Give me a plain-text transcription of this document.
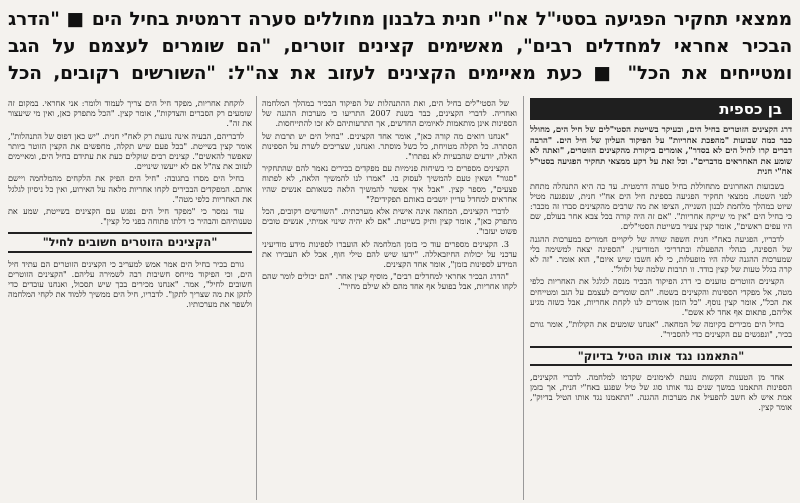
ממצאי תחקיר הפגיעה בסטי"ל אח"י חנית בלבנון מחוללים סערה דרמטית בחיל הים ■ "הדרג הבכיר אחראי למחדלים רבים", מאשימים קצינים זוטרים, "הם שומרים לעצמם על הגב ומטייחים את הכל" ■ כעת מאיימים הקצינים לעזוב את צה"ל: "השורשים רקובים, הכל
בן כספית
דרג הקצינים הזוטרים בחיל הים, ובעיקר בשייטת הסטי"לים של חיל הים, מחולל כבר כמה שבועות "מהפכת אחריות" על הפיקוד העליון של חיל הים. "הרבה דברים קרו לחיל הים לא בסדר", אומרים ביקורת מהקצינים הזוטרים, "ואתה לא שומע את האחראים מדברים". וכל זאת על רקע ממצאי תחקיר הפגיעה בסטי"ל אח"י חנית

בשבועות האחרונים מתחוללת בחיל סערה דרמטית. עד כה היא התנהלה מתחת לפני השטח. ממצאי תחקיר הפגיעה בספינת חיל הים אח"י חנית, שנפגעה מטיל שיוט במהלך מלחמת לבנון השנייה, הציפו את מה שרבים מהקצינים סברו זה מכבר: כי בחיל הים "אין מי שייקח אחריות". "אם זה היה קורה בכל צבא אחר בעולם, שם היו עפים ראשים", אומר קצין צעיר בשייטת הסטי"לים.

לדבריו, הפגיעה באח"י חנית חשפה שורה של ליקויים חמורים במערכות ההגנה של הספינה, בנהלי ההפעלה ובתדריכי המודיעין. "הספינה יצאה למשימה בלי שמערכות ההגנה שלה היו מופעלות, כי לא חשבו שיש איום", הוא אומר. "זה לא קרה בגלל טעות של קצין בודד. זו תרבות שלמה של זלזול".

הקצינים הזוטרים טוענים כי דרג הפיקוד הבכיר מנסה לגלגל את האחריות כלפי מטה, אל מפקדי הספינות והקצינים בשטח. "הם שומרים לעצמם על הגב ומטייחים את הכל", אומר קצין נוסף. "כל הזמן אומרים לנו לקחת אחריות, אבל כשזה מגיע אליהם, פתאום אף אחד לא אשם".

בחיל הים מכירים בקיומה של המחאה. "אנחנו שומעים את הקולות", אומר גורם בכיר, "ונפגשים עם הקצינים כדי להסביר".

"התאמנו נגד אותו הטיל בדיוק"

אחד מן הטענות הקשות נוגעת לאימונים שקדמו למלחמה. לדברי הקצינים, הספינות התאמנו במשך שנים נגד אותו סוג של טיל שפגע באח"י חנית, אך בזמן אמת איש לא חשב להפעיל את מערכות ההגנה. "התאמנו נגד אותו הטיל בדיוק", אומר קצין.

של הסטי"לים בחיל הים, ואת ההתנהלות של הפיקוד הבכיר במהלך המלחמה ואחריה. לדברי הקצינים, כבר בשנת 2007 התריעו כי מערכות ההגנה של הספינות אינן מותאמות לאיומים החדשים, אך התרעותיהם לא זכו להתייחסות.

"אנחנו רואים מה קורה כאן", אומר אחד הקצינים. "בחיל הים יש תרבות של הסתרה. כל תקלה מטויחת, כל כשל מוסתר. ואנחנו, שצריכים לשרת על הספינות האלה, יודעים שהבעיות לא נפתרו".

הקצינים מספרים כי בשיחות פנימיות עם מפקדים בכירים נאמר להם שהתחקיר "סגור" ושאין טעם להמשיך לעסוק בו. "אמרו לנו להמשיך הלאה, לא לפתוח פצעים", מספר קצין. "אבל איך אפשר להמשיך הלאה כשאותם אנשים שהיו אחראים למחדל עדיין יושבים באותם תפקידים?"

לדברי הקצינים, המחאה אינה אישית אלא מערכתית. "השורשים רקובים, הכל מתפרק כאן", אומר קצין ותיק בשייטת. "אם לא יהיה שינוי אמיתי, אנשים טובים פשוט יעזבו".

3. הקצינים מספרים עוד כי בזמן המלחמה לא הועברו לספינות מידע מודיעיני עדכני על יכולות החיזבאללה. "ידעו שיש להם טילי חוף, אבל לא העבירו את המידע לספינות בזמן", אומר אחד הקצינים.

"הדרג הבכיר אחראי למחדלים רבים", מוסיף קצין אחר. "הם יכולים לומר שהם לקחו אחריות, אבל בפועל אף אחד מהם לא שילם מחיר".

לוקחת אחריות, מפקד חיל הים צריך לעמוד ולומר: אני אחראי. במקום זה שומעים רק הסברים והצדקות", אומר קצין. "הכל מתפרק כאן, ואין מי שיעצור את זה".

לדבריהם, הבעיה אינה נוגעת רק לאח"י חנית. "יש כאן דפוס של התנהלות", אומר קצין בשייטת. "בכל פעם שיש תקלה, מחפשים את הקצין הזוטר ביותר שאפשר להאשים". קצינים רבים שוקלים כעת את עתידם בחיל הים, ומאיימים לעזוב את צה"ל אם לא ייעשו שינויים.

בחיל הים מסרו בתגובה: "חיל הים הפיק את הלקחים מהמלחמה ויישם אותם. המפקדים הבכירים לקחו אחריות מלאה על האירוע, ואין כל ניסיון לגלגל את האחריות כלפי מטה".

עוד נמסר כי "מפקד חיל הים נפגש עם הקצינים בשייטת, שמע את טענותיהם והבהיר כי דלתו פתוחה בפני כל קצין".

"הקצינים הזוטרים חשובים לחיל"

גורם בכיר בחיל הים אמר אמש למעריב כי הקצינים הזוטרים הם עתיד חיל הים, וכי הפיקוד מייחס חשיבות רבה לשמירה עליהם. "הקצינים הזוטרים חשובים לחיל", אמר. "אנחנו מכירים בכך שיש תסכול, ואנחנו עובדים כדי לתקן את מה שצריך לתקן". לדבריו, חיל הים ממשיך ללמוד את לקחי המלחמה ולשפר את מערכותיו.
